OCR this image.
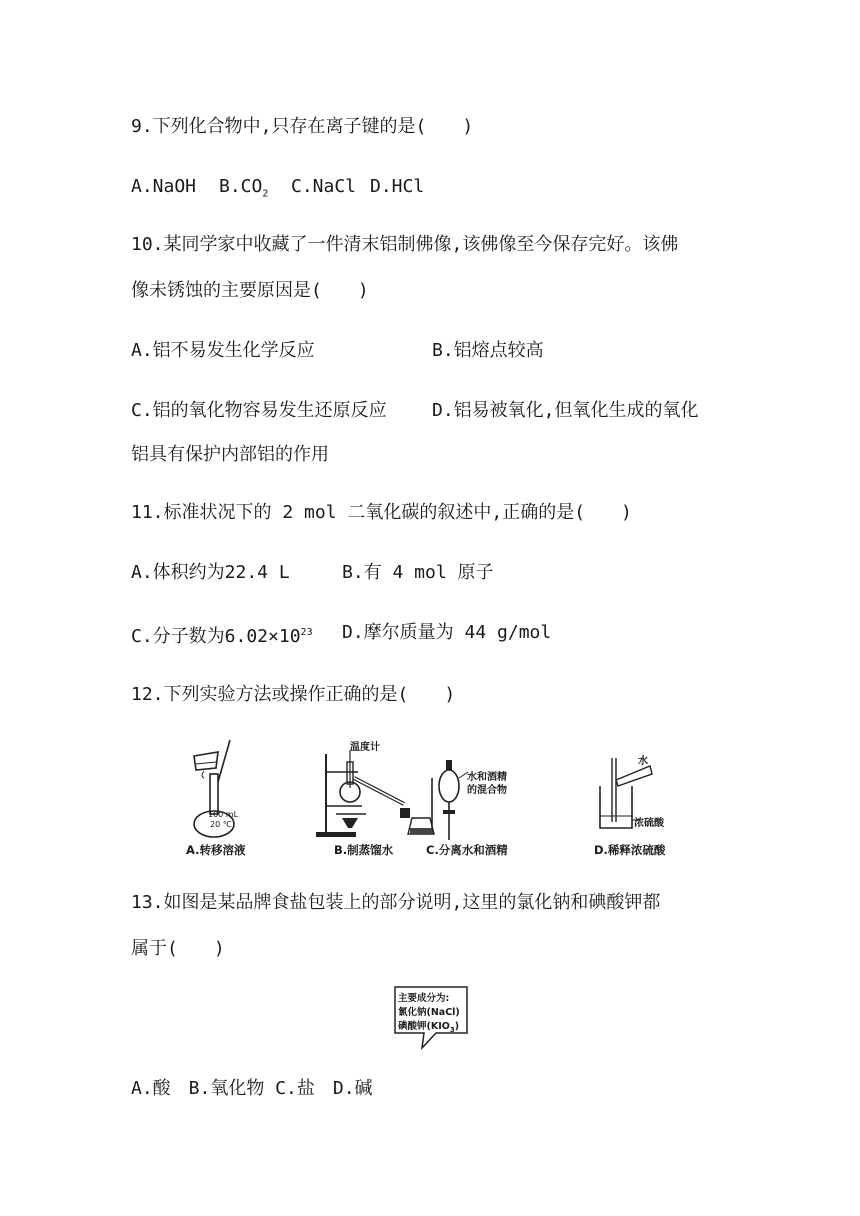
9.下列化合物中,只存在离子键的是(　　)
A.NaOH $B.CO_2$ C.NaCl D.HCl
10.某同学家中收藏了一件清末铝制佛像,该佛像至今保存完好。该佛
像未锈蚀的主要原因是(　　)
A.铝不易发生化学反应	B.铝熔点较高
C.铝的氧化物容易发生还原反应	D.铝易被氧化,但氧化生成的氧化
铝具有保护内部铝的作用
11.标准状况下的 2 mol 二氧化碳的叙述中,正确的是(　　)
A.体积约为22.4 L	B.有 4 mol 原子
C.分子数为$6.02\times 10^{23}$ D.摩尔质量为 44 g/mol
12.下列实验方法或操作正确的是(　　)
100 mL
20 ℃
A.转移溶液
温度计
B.制蒸馏水
水和酒精
的混合物
C.分离水和酒精
水
浓硫酸
D.稀释浓硫酸
13.如图是某品牌食盐包装上的部分说明,这里的氯化钠和碘酸钾都
属于(　　)
主要成分为:
氯化钠(NaCl)
碘酸钾$(KIO_3)$
A.酸　B.氧化物 C.盐　D.碱
